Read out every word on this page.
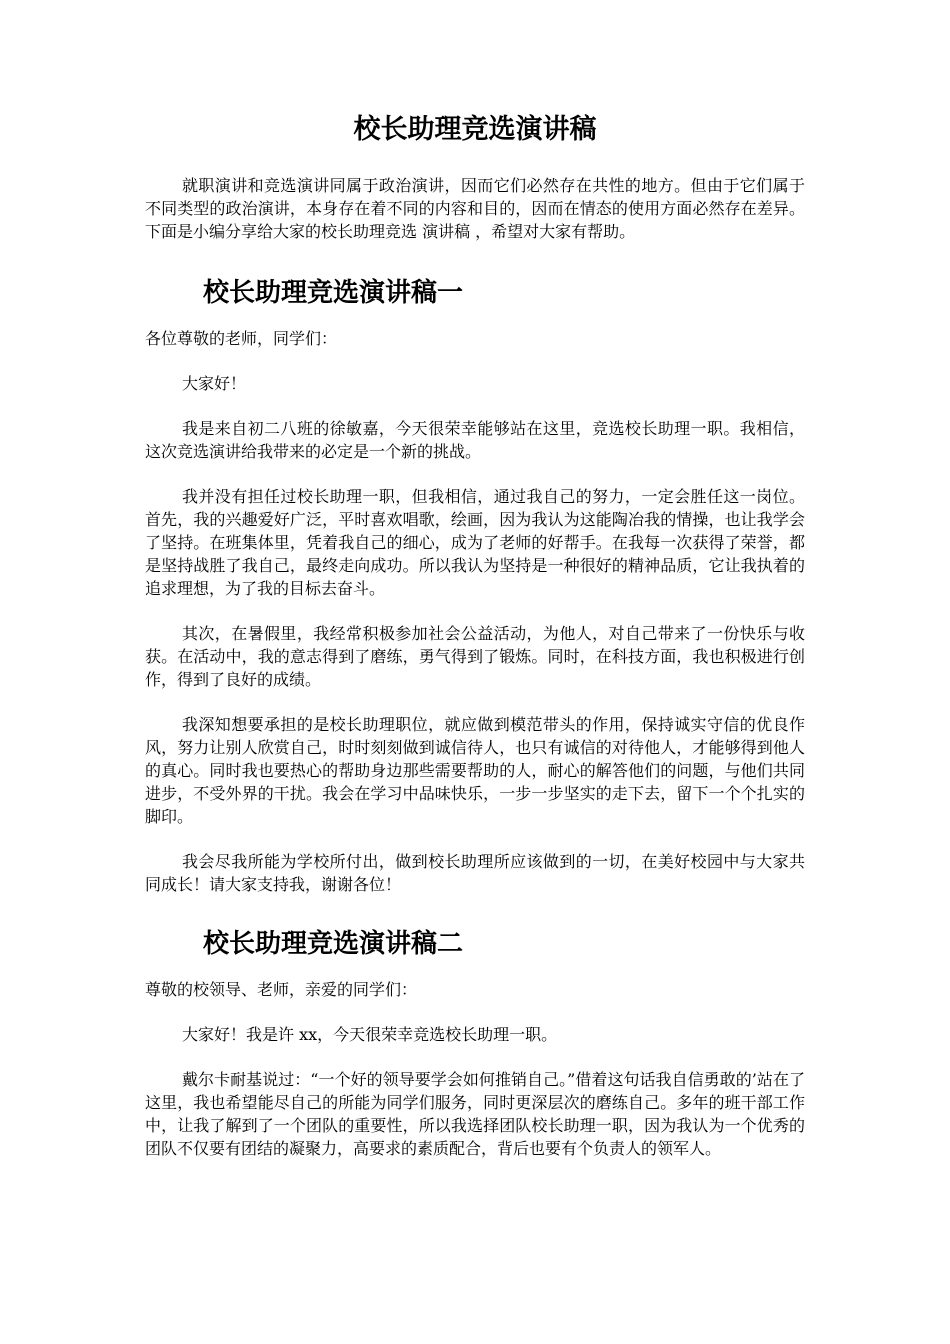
校长助理竞选演讲稿

就职演讲和竞选演讲同属于政治演讲，因而它们必然存在共性的地方。但由于它们属于不同类型的政治演讲，本身存在着不同的内容和目的，因而在情态的使用方面必然存在差异。下面是小编分享给大家的校长助理竞选 演讲稿 ，希望对大家有帮助。

校长助理竞选演讲稿一

各位尊敬的老师，同学们：

大家好！

我是来自初二八班的徐敏嘉，今天很荣幸能够站在这里，竞选校长助理一职。我相信，这次竞选演讲给我带来的必定是一个新的挑战。

我并没有担任过校长助理一职，但我相信，通过我自己的努力，一定会胜任这一岗位。首先，我的兴趣爱好广泛，平时喜欢唱歌，绘画，因为我认为这能陶冶我的情操，也让我学会了坚持。在班集体里，凭着我自己的细心，成为了老师的好帮手。在我每一次获得了荣誉，都是坚持战胜了我自己，最终走向成功。所以我认为坚持是一种很好的精神品质，它让我执着的追求理想，为了我的目标去奋斗。

其次，在暑假里，我经常积极参加社会公益活动，为他人，对自己带来了一份快乐与收获。在活动中，我的意志得到了磨练，勇气得到了锻炼。同时，在科技方面，我也积极进行创作，得到了良好的成绩。

我深知想要承担的是校长助理职位，就应做到模范带头的作用，保持诚实守信的优良作风，努力让别人欣赏自己，时时刻刻做到诚信待人，也只有诚信的对待他人，才能够得到他人的真心。同时我也要热心的帮助身边那些需要帮助的人，耐心的解答他们的问题，与他们共同进步，不受外界的干扰。我会在学习中品味快乐，一步一步坚实的走下去，留下一个个扎实的脚印。

我会尽我所能为学校所付出，做到校长助理所应该做到的一切，在美好校园中与大家共同成长！请大家支持我，谢谢各位！

校长助理竞选演讲稿二

尊敬的校领导、老师，亲爱的同学们：

大家好！我是许 xx，今天很荣幸竞选校长助理一职。

戴尔卡耐基说过：“一个好的领导要学会如何推销自己。”借着这句话我自信勇敢的’站在了这里，我也希望能尽自己的所能为同学们服务，同时更深层次的磨练自己。多年的班干部工作中，让我了解到了一个团队的重要性，所以我选择团队校长助理一职，因为我认为一个优秀的团队不仅要有团结的凝聚力，高要求的素质配合，背后也要有个负责人的领军人。
